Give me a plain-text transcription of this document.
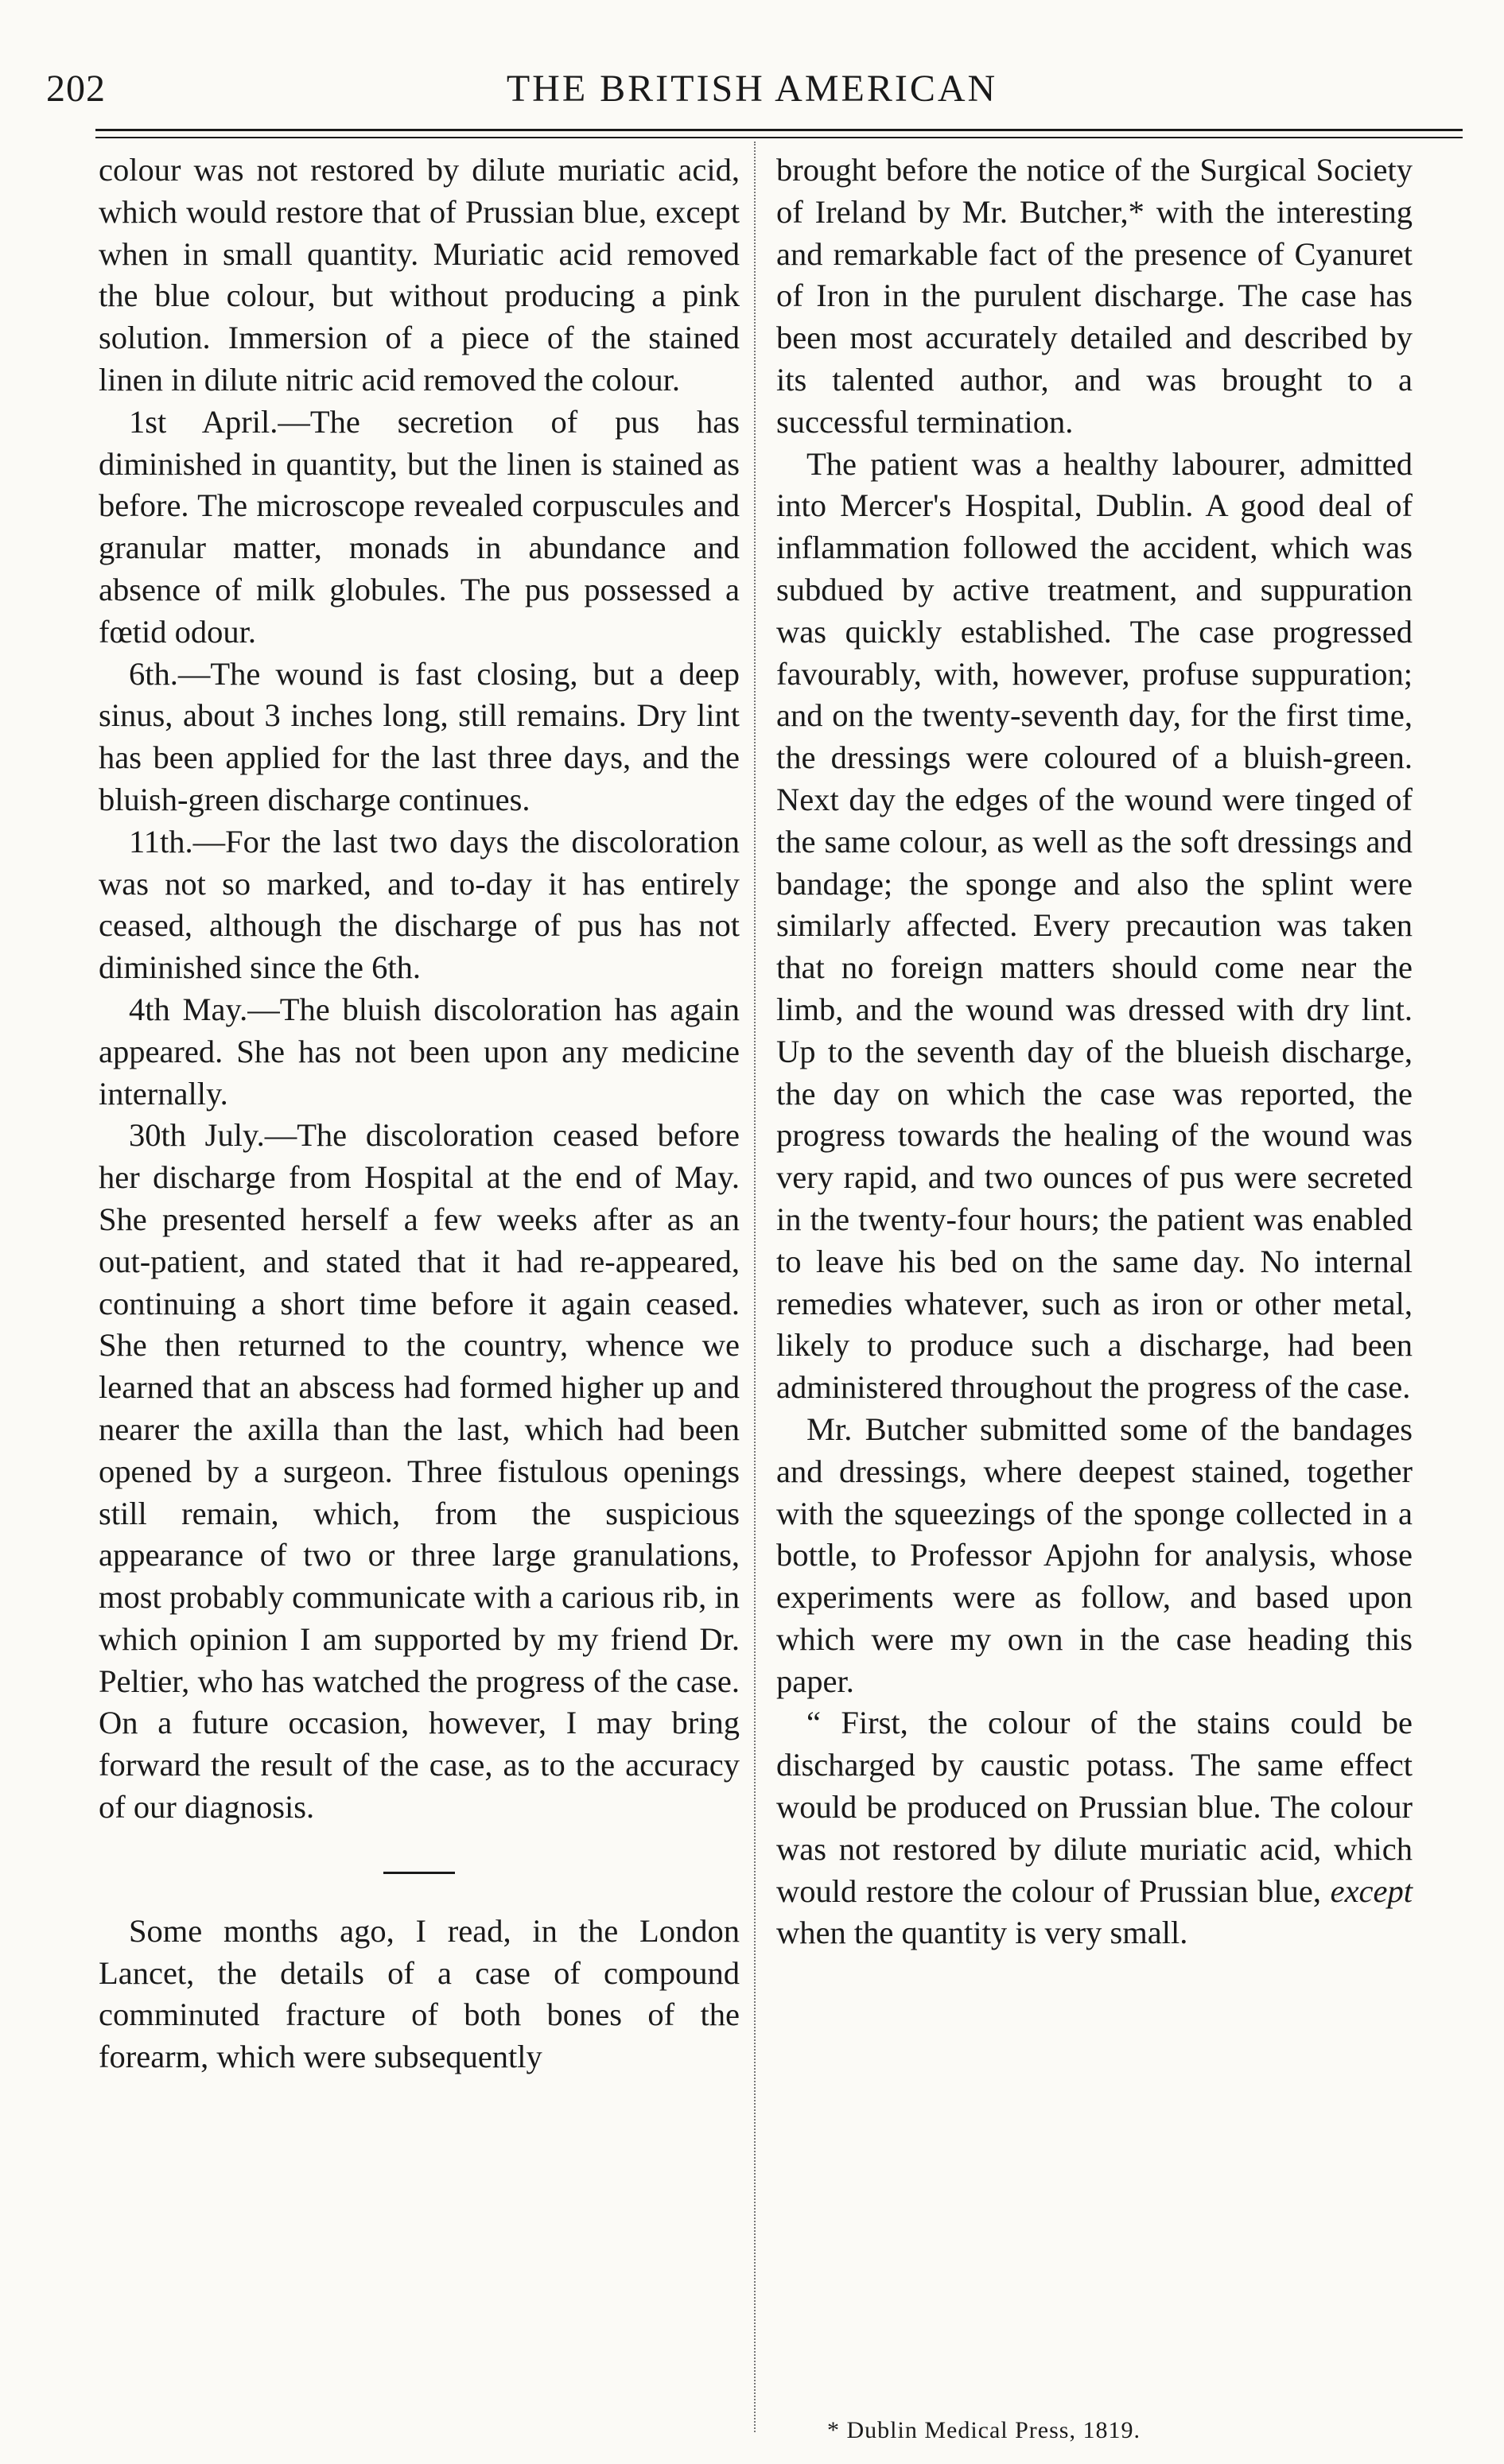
202	THE BRITISH AMERICAN

colour was not restored by dilute muriatic acid, which would restore that of Prussian blue, except when in small quantity. Muriatic acid removed the blue colour, but without producing a pink solution. Immersion of a piece of the stained linen in dilute nitric acid removed the colour.

1st April.—The secretion of pus has diminished in quantity, but the linen is stained as before. The microscope revealed corpuscules and granular matter, monads in abundance and absence of milk globules. The pus possessed a fœtid odour.

6th.—The wound is fast closing, but a deep sinus, about 3 inches long, still remains. Dry lint has been applied for the last three days, and the bluish-green discharge continues.

11th.—For the last two days the discoloration was not so marked, and to-day it has entirely ceased, although the discharge of pus has not diminished since the 6th.

4th May.—The bluish discoloration has again appeared. She has not been upon any medicine internally.

30th July.—The discoloration ceased before her discharge from Hospital at the end of May. She presented herself a few weeks after as an out-patient, and stated that it had re-appeared, continuing a short time before it again ceased. She then returned to the country, whence we learned that an abscess had formed higher up and nearer the axilla than the last, which had been opened by a surgeon. Three fistulous openings still remain, which, from the suspicious appearance of two or three large granulations, most probably communicate with a carious rib, in which opinion I am supported by my friend Dr. Peltier, who has watched the progress of the case. On a future occasion, however, I may bring forward the result of the case, as to the accuracy of our diagnosis.

Some months ago, I read, in the London Lancet, the details of a case of compound comminuted fracture of both bones of the forearm, which were subsequently

brought before the notice of the Surgical Society of Ireland by Mr. Butcher,* with the interesting and remarkable fact of the presence of Cyanuret of Iron in the purulent discharge. The case has been most accurately detailed and described by its talented author, and was brought to a successful termination.

The patient was a healthy labourer, admitted into Mercer's Hospital, Dublin. A good deal of inflammation followed the accident, which was subdued by active treatment, and suppuration was quickly established. The case progressed favourably, with, however, profuse suppuration; and on the twenty-seventh day, for the first time, the dressings were coloured of a bluish-green. Next day the edges of the wound were tinged of the same colour, as well as the soft dressings and bandage; the sponge and also the splint were similarly affected. Every precaution was taken that no foreign matters should come near the limb, and the wound was dressed with dry lint. Up to the seventh day of the blueish discharge, the day on which the case was reported, the progress towards the healing of the wound was very rapid, and two ounces of pus were secreted in the twenty-four hours; the patient was enabled to leave his bed on the same day. No internal remedies whatever, such as iron or other metal, likely to produce such a discharge, had been administered throughout the progress of the case.

Mr. Butcher submitted some of the bandages and dressings, where deepest stained, together with the squeezings of the sponge collected in a bottle, to Professor Apjohn for analysis, whose experiments were as follow, and based upon which were my own in the case heading this paper.

“ First, the colour of the stains could be discharged by caustic potass. The same effect would be produced on Prussian blue. The colour was not restored by dilute muriatic acid, which would restore the colour of Prussian blue, except when the quantity is very small.

* Dublin Medical Press, 1819.
